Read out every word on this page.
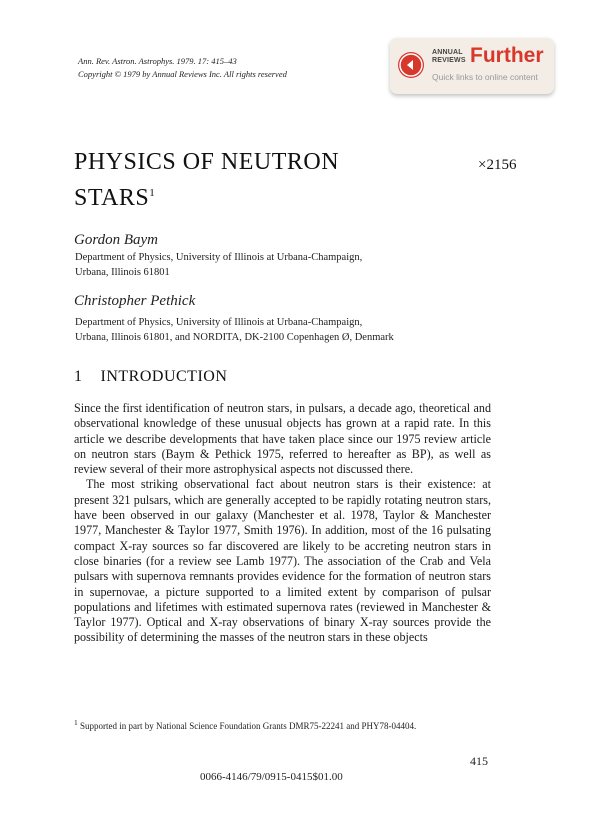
Ann. Rev. Astron. Astrophys. 1979. 17: 415–43
Copyright © 1979 by Annual Reviews Inc. All rights reserved
ANNUAL
REVIEWS Further
Quick links to online content
PHYSICS OF NEUTRON
$STARS^1$
×2156
Gordon Baym
Department of Physics, University of Illinois at Urbana-Champaign,
Urbana, Illinois 61801
Christopher Pethick
Department of Physics, University of Illinois at Urbana-Champaign,
Urbana, Illinois 61801, and NORDITA, DK-2100 Copenhagen Ø, Denmark
1 INTRODUCTION

Since the first identification of neutron stars, in pulsars, a decade ago, theoretical and observational knowledge of these unusual objects has grown at a rapid rate. In this article we describe developments that have taken place since our 1975 review article on neutron stars (Baym & Pethick 1975, referred to hereafter as BP), as well as review several of their more astrophysical aspects not discussed there.

The most striking observational fact about neutron stars is their existence: at present 321 pulsars, which are generally accepted to be rapidly rotating neutron stars, have been observed in our galaxy (Manchester et al. 1978, Taylor & Manchester 1977, Manchester & Taylor 1977, Smith 1976). In addition, most of the 16 pulsating compact X-ray sources so far discovered are likely to be accreting neutron stars in close binaries (for a review see Lamb 1977). The association of the Crab and Vela pulsars with supernova remnants provides evidence for the formation of neutron stars in supernovae, a picture supported to a limited extent by comparison of pulsar populations and lifetimes with estimated supernova rates (reviewed in Manchester & Taylor 1977). Optical and X-ray observations of binary X-ray sources provide the possibility of determining the masses of the neutron stars in these objects

$^1$ Supported in part by National Science Foundation Grants DMR75-22241 and PHY78-04404.
415
0066-4146/79/0915-0415$01.00
